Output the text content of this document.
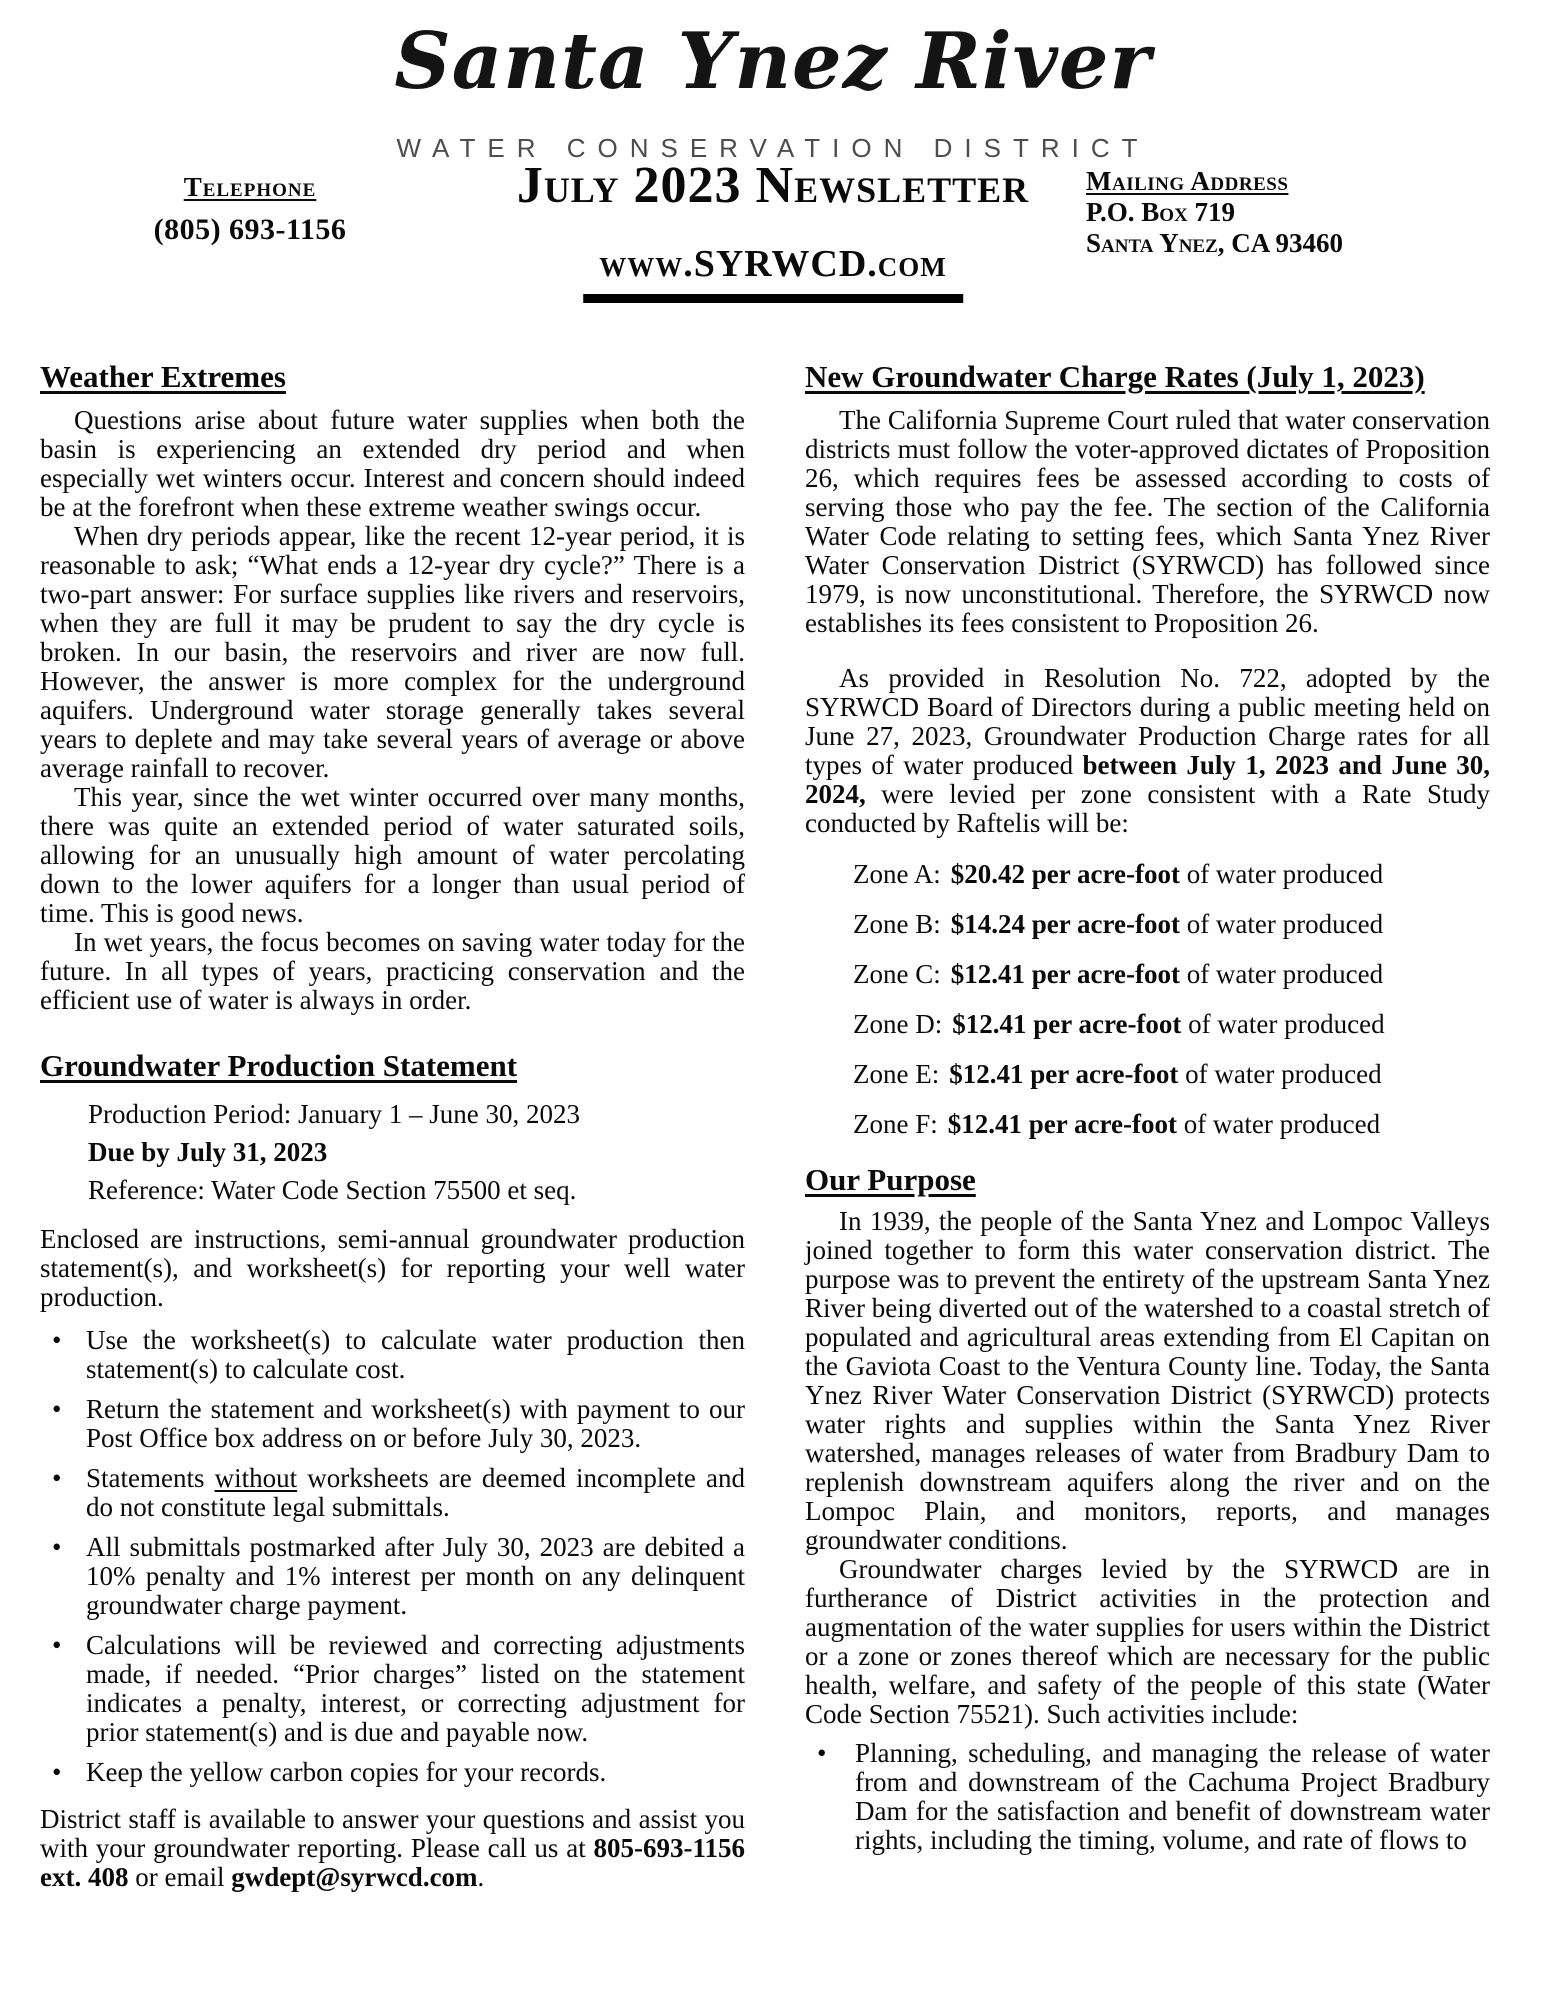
Santa Ynez River
WATER CONSERVATION DISTRICT
Telephone
(805) 693-1156
July 2023 Newsletter	Mailing Address
P.O. Box 719
Santa Ynez, CA 93460
www.SYRWCD.com
Weather Extremes

Questions arise about future water supplies when both the basin is experiencing an extended dry period and when especially wet winters occur. Interest and concern should indeed be at the forefront when these extreme weather swings occur.

When dry periods appear, like the recent 12-year period, it is reasonable to ask; “What ends a 12-year dry cycle?” There is a two-part answer: For surface supplies like rivers and reservoirs, when they are full it may be prudent to say the dry cycle is broken. In our basin, the reservoirs and river are now full. However, the answer is more complex for the underground aquifers. Underground water storage generally takes several years to deplete and may take several years of average or above average rainfall to recover.

This year, since the wet winter occurred over many months, there was quite an extended period of water saturated soils, allowing for an unusually high amount of water percolating down to the lower aquifers for a longer than usual period of time. This is good news.

In wet years, the focus becomes on saving water today for the future. In all types of years, practicing conservation and the efficient use of water is always in order.

Groundwater Production Statement
Production Period: January 1 – June 30, 2023
Due by July 31, 2023
Reference: Water Code Section 75500 et seq.

Enclosed are instructions, semi-annual groundwater production statement(s), and worksheet(s) for reporting your well water production.

• Use the worksheet(s) to calculate water production then statement(s) to calculate cost.
• Return the statement and worksheet(s) with payment to our Post Office box address on or before July 30, 2023.
• Statements without worksheets are deemed incomplete and do not constitute legal submittals.
• All submittals postmarked after July 30, 2023 are debited a 10% penalty and 1% interest per month on any delinquent groundwater charge payment.
• Calculations will be reviewed and correcting adjustments made, if needed. “Prior charges” listed on the statement indicates a penalty, interest, or correcting adjustment for prior statement(s) and is due and payable now.
• Keep the yellow carbon copies for your records.

District staff is available to answer your questions and assist you with your groundwater reporting. Please call us at 805-693-1156 ext. 408 or email gwdept@syrwcd.com.

New Groundwater Charge Rates (July 1, 2023)

The California Supreme Court ruled that water conservation districts must follow the voter-approved dictates of Proposition 26, which requires fees be assessed according to costs of serving those who pay the fee. The section of the California Water Code relating to setting fees, which Santa Ynez River Water Conservation District (SYRWCD) has followed since 1979, is now unconstitutional. Therefore, the SYRWCD now establishes its fees consistent to Proposition 26.

As provided in Resolution No. 722, adopted by the SYRWCD Board of Directors during a public meeting held on June 27, 2023, Groundwater Production Charge rates for all types of water produced between July 1, 2023 and June 30, 2024, were levied per zone consistent with a Rate Study conducted by Raftelis will be:

Zone A: $20.42 per acre-foot of water produced
Zone B: $14.24 per acre-foot of water produced
Zone C: $12.41 per acre-foot of water produced
Zone D: $12.41 per acre-foot of water produced
Zone E: $12.41 per acre-foot of water produced
Zone F: $12.41 per acre-foot of water produced
Our Purpose

In 1939, the people of the Santa Ynez and Lompoc Valleys joined together to form this water conservation district. The purpose was to prevent the entirety of the upstream Santa Ynez River being diverted out of the watershed to a coastal stretch of populated and agricultural areas extending from El Capitan on the Gaviota Coast to the Ventura County line. Today, the Santa Ynez River Water Conservation District (SYRWCD) protects water rights and supplies within the Santa Ynez River watershed, manages releases of water from Bradbury Dam to replenish downstream aquifers along the river and on the Lompoc Plain, and monitors, reports, and manages groundwater conditions.

Groundwater charges levied by the SYRWCD are in furtherance of District activities in the protection and augmentation of the water supplies for users within the District or a zone or zones thereof which are necessary for the public health, welfare, and safety of the people of this state (Water Code Section 75521). Such activities include:

• Planning, scheduling, and managing the release of water from and downstream of the Cachuma Project Bradbury Dam for the satisfaction and benefit of downstream water rights, including the timing, volume, and rate of flows to
